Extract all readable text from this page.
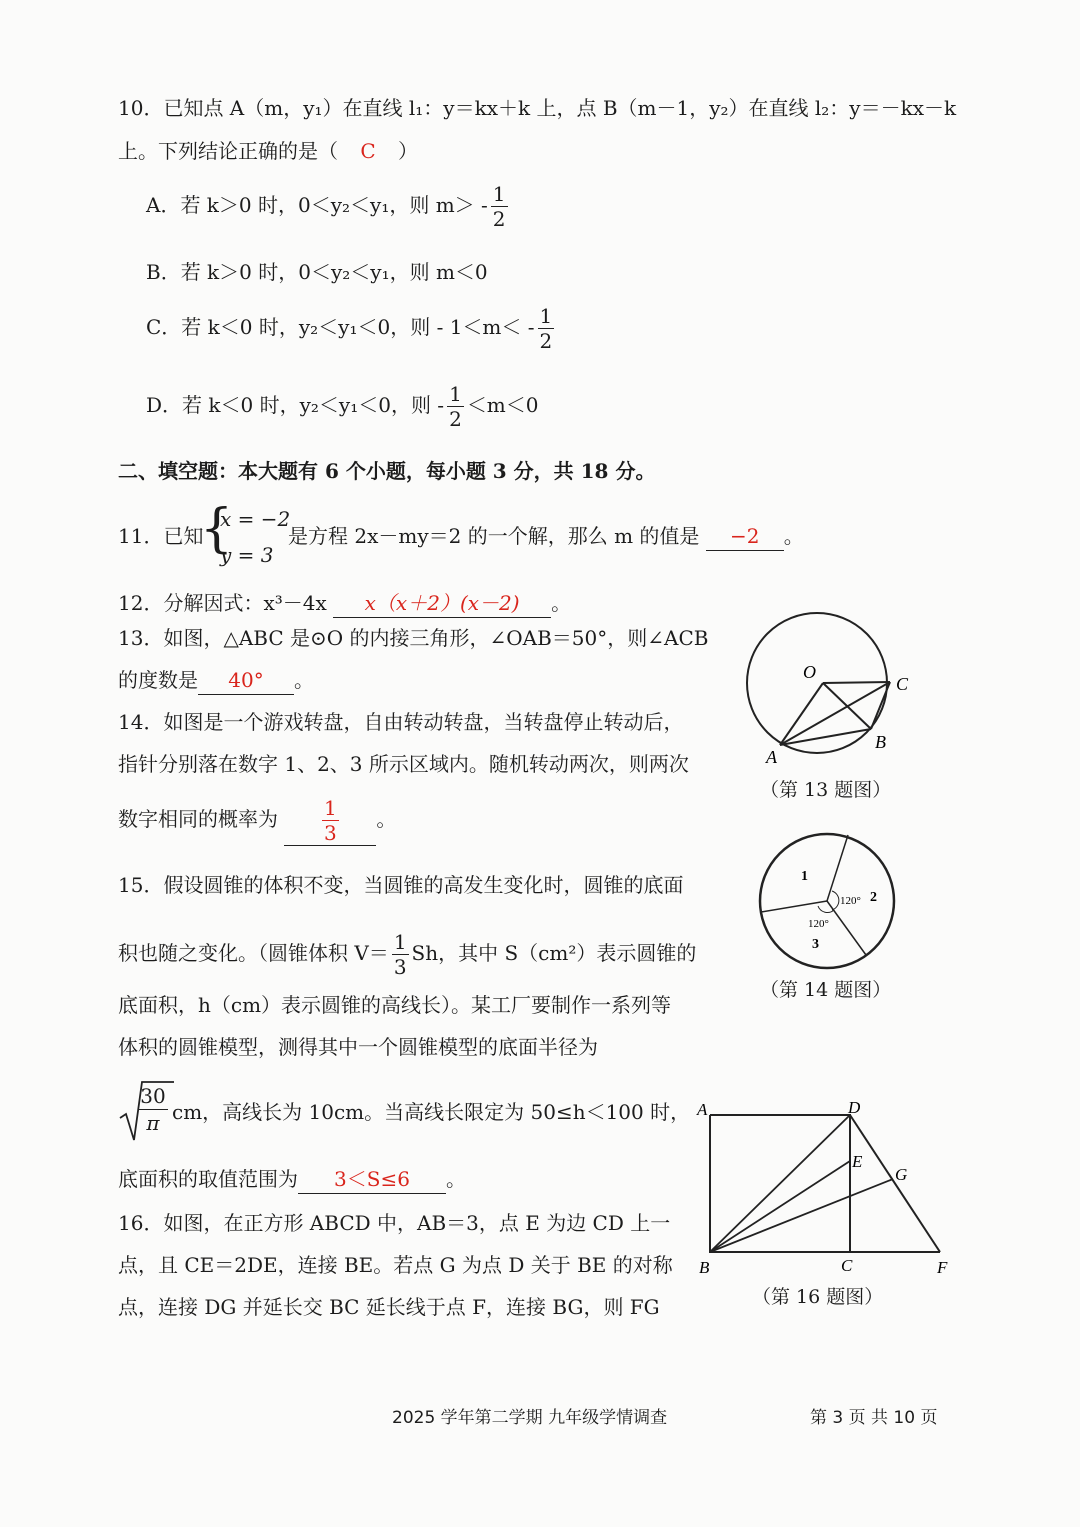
10．已知点 A（m，y₁）在直线 l₁：y＝kx＋k 上，点 B（m－1，y₂）在直线 l₂：y＝－kx－k
上。下列结论正确的是（ C ）
A．若 k＞0 时，0＜y₂＜y₁，则 $m> - \frac{1}{2}$
B．若 k＞0 时，0＜y₂＜y₁，则 m＜0
C．若 k＜0 时，y₂＜y₁＜0，则 - $1<m< - \frac{1}{2}$
D．若 k＜0 时，y₂＜y₁＜0，则 - $\frac{1}{2} <m<0$
二、填空题：本大题有 6 个小题，每小题 3 分，共 18 分。
11．已知
{
x = −2
y = 3
是方程 2x－my＝2 的一个解，那么 m 的值是 −2 。
12．分解因式：x³－4x x（x＋2）(x－2) 。
13．如图，△ABC 是⊙O 的内接三角形，∠OAB＝50°，则∠ACB
的度数是 40° 。	O
C
B
A
（第 13 题图）
14．如图是一个游戏转盘，自由转动转盘，当转盘停止转动后，
指针分别落在数字 1、2、3 所示区域内。随机转动两次，则两次
数字相同的概率为 $\frac{1}{3}$ 。
1
2
3
120°
120°
（第 14 题图）
15．假设圆锥的体积不变，当圆锥的高发生变化时，圆锥的底面
积也随之变化。（圆锥体积 $V= \frac{1}{3}$ Sh，其中 S（cm²）表示圆锥的
底面积，h（cm）表示圆锥的高线长）。某工厂要制作一系列等
体积的圆锥模型，测得其中一个圆锥模型的底面半径为
30
π cm，高线长为 10cm。当高线长限定为 50≤h＜100 时，
底面积的取值范围为 3＜S≤6 。
16．如图，在正方形 ABCD 中，AB＝3，点 E 为边 CD 上一
点，且 CE＝2DE，连接 BE。若点 G 为点 D 关于 BE 的对称
点，连接 DG 并延长交 BC 延长线于点 F，连接 BG，则 FG
A	D
E
G
B	C	F
（第 16 题图）
2025 学年第二学期 九年级学情调查	第 3 页 共 10 页
